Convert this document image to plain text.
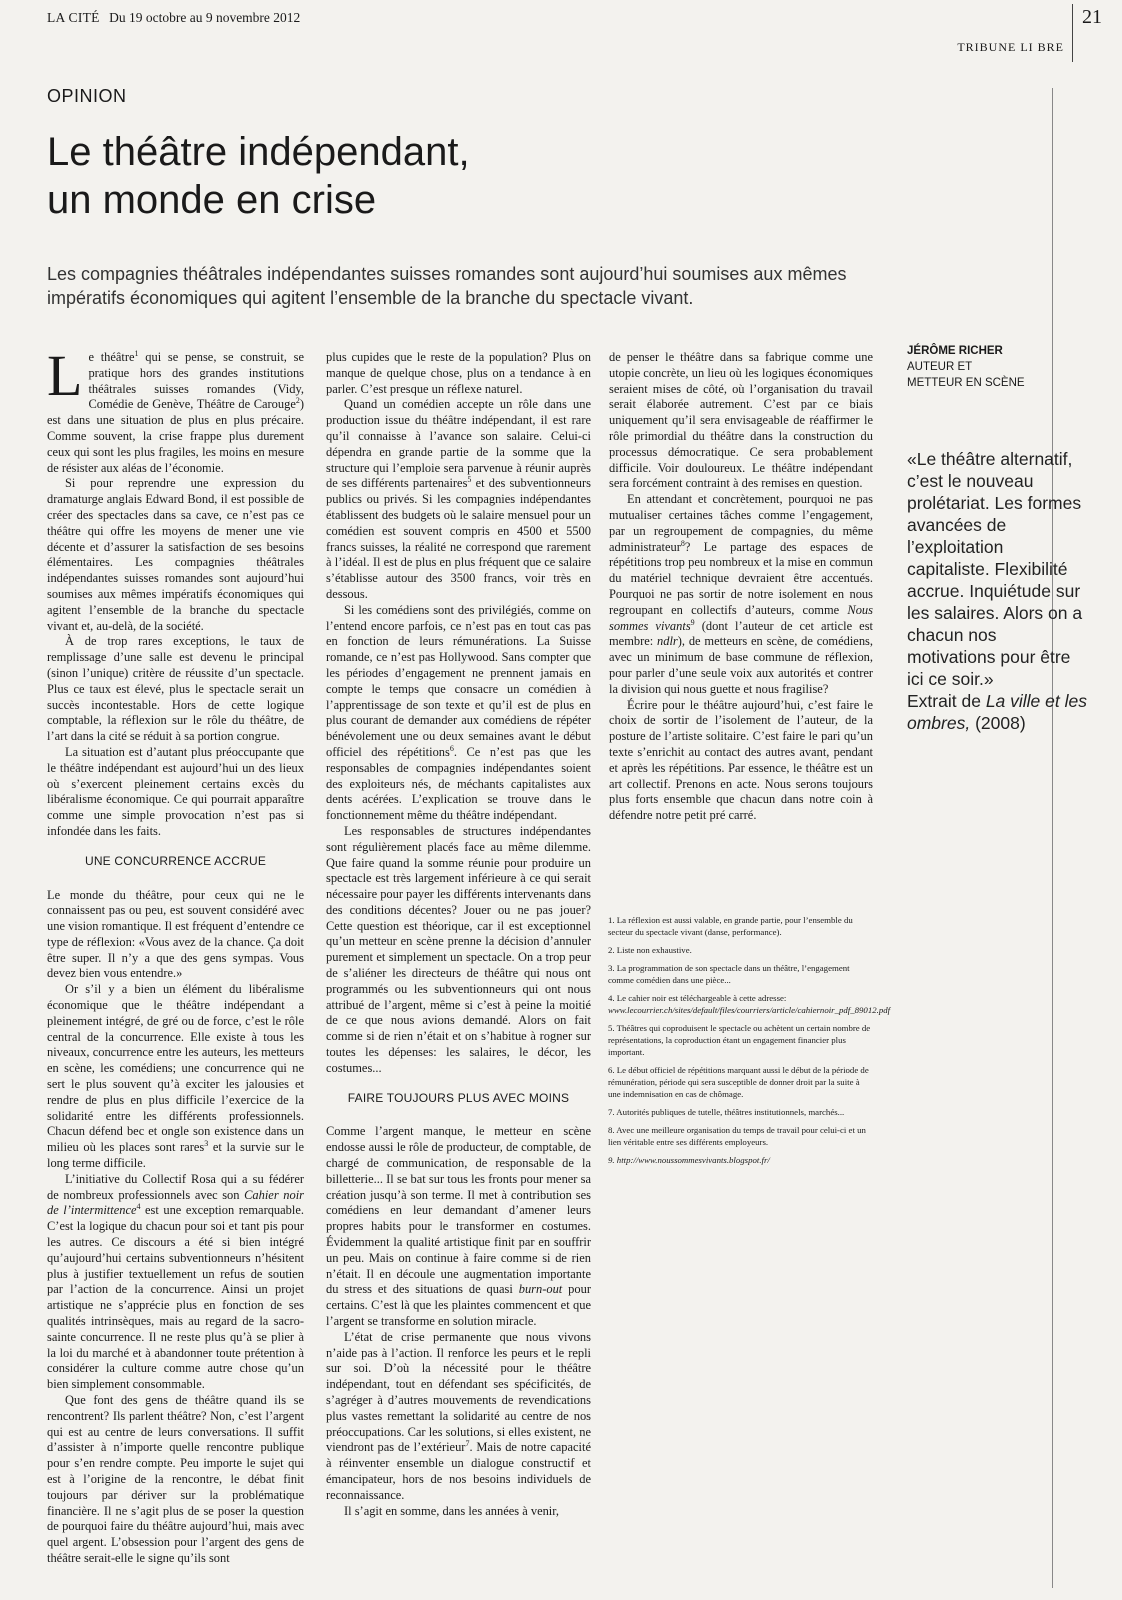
LA CITÉ Du 19 octobre au 9 novembre 2012	21
TRIBUNE LI BRE
OPINION
Le théâtre indépendant,
un monde en crise
Les compagnies théâtrales indépendantes suisses romandes sont aujourd’hui soumises aux mêmes impératifs économiques qui agitent l’ensemble de la branche du spectacle vivant.

Le théâtre$^1$ qui se pense, se construit, se pratique hors des grandes institutions théâtrales suisses romandes (Vidy, Comédie de Genève, Théâtre de Carouge$^2$) est dans une situation de plus en plus précaire. Comme souvent, la crise frappe plus durement ceux qui sont les plus fragiles, les moins en mesure de résister aux aléas de l’économie.

Si pour reprendre une expression du dramaturge anglais Edward Bond, il est possible de créer des spectacles dans sa cave, ce n’est pas ce théâtre qui offre les moyens de mener une vie décente et d’assurer la satisfaction de ses besoins élémentaires. Les compagnies théâtrales indépendantes suisses romandes sont aujourd’hui soumises aux mêmes impératifs économiques qui agitent l’ensemble de la branche du spectacle vivant et, au-delà, de la société.

À de trop rares exceptions, le taux de remplissage d’une salle est devenu le principal (sinon l’unique) critère de réussite d’un spectacle. Plus ce taux est élevé, plus le spectacle serait un succès incontestable. Hors de cette logique comptable, la réflexion sur le rôle du théâtre, de l’art dans la cité se réduit à sa portion congrue.

La situation est d’autant plus préoccupante que le théâtre indépendant est aujourd’hui un des lieux où s’exercent pleinement certains excès du libéralisme économique. Ce qui pourrait apparaître comme une simple provocation n’est pas si infondée dans les faits.

UNE CONCURRENCE ACCRUE

Le monde du théâtre, pour ceux qui ne le connaissent pas ou peu, est souvent considéré avec une vision romantique. Il est fréquent d’entendre ce type de réflexion: «Vous avez de la chance. Ça doit être super. Il n’y a que des gens sympas. Vous devez bien vous entendre.»

Or s’il y a bien un élément du libéralisme économique que le théâtre indépendant a pleinement intégré, de gré ou de force, c’est le rôle central de la concurrence. Elle existe à tous les niveaux, concurrence entre les auteurs, les metteurs en scène, les comédiens; une concurrence qui ne sert le plus souvent qu’à exciter les jalousies et rendre de plus en plus difficile l’exercice de la solidarité entre les différents professionnels. Chacun défend bec et ongle son existence dans un milieu où les places sont rares$^3$ et la survie sur le long terme difficile.

L’initiative du Collectif Rosa qui a su fédérer de nombreux professionnels avec son Cahier noir de l’intermittence$^4$ est une exception remarquable. C’est la logique du chacun pour soi et tant pis pour les autres. Ce discours a été si bien intégré qu’aujourd’hui certains subventionneurs n’hésitent plus à justifier textuellement un refus de soutien par l’action de la concurrence. Ainsi un projet artistique ne s’apprécie plus en fonction de ses qualités intrinsèques, mais au regard de la sacro-sainte concurrence. Il ne reste plus qu’à se plier à la loi du marché et à abandonner toute prétention à considérer la culture comme autre chose qu’un bien simplement consommable.

Que font des gens de théâtre quand ils se rencontrent? Ils parlent théâtre? Non, c’est l’argent qui est au centre de leurs conversations. Il suffit d’assister à n’importe quelle rencontre publique pour s’en rendre compte. Peu importe le sujet qui est à l’origine de la rencontre, le débat finit toujours par dériver sur la problématique financière. Il ne s’agit plus de se poser la question de pourquoi faire du théâtre aujourd’hui, mais avec quel argent. L’obsession pour l’argent des gens de théâtre serait-elle le signe qu’ils sont

plus cupides que le reste de la population? Plus on manque de quelque chose, plus on a tendance à en parler. C’est presque un réflexe naturel.

Quand un comédien accepte un rôle dans une production issue du théâtre indépendant, il est rare qu’il connaisse à l’avance son salaire. Celui-ci dépendra en grande partie de la somme que la structure qui l’emploie sera parvenue à réunir auprès de ses différents partenaires$^5$ et des subventionneurs publics ou privés. Si les compagnies indépendantes établissent des budgets où le salaire mensuel pour un comédien est souvent compris en 4500 et 5500 francs suisses, la réalité ne correspond que rarement à l’idéal. Il est de plus en plus fréquent que ce salaire s’établisse autour des 3500 francs, voir très en dessous.

Si les comédiens sont des privilégiés, comme on l’entend encore parfois, ce n’est pas en tout cas pas en fonction de leurs rémunérations. La Suisse romande, ce n’est pas Hollywood. Sans compter que les périodes d’engagement ne prennent jamais en compte le temps que consacre un comédien à l’apprentissage de son texte et qu’il est de plus en plus courant de demander aux comédiens de répéter bénévolement une ou deux semaines avant le début officiel des répétitions$^6$. Ce n’est pas que les responsables de compagnies indépendantes soient des exploiteurs nés, de méchants capitalistes aux dents acérées. L’explication se trouve dans le fonctionnement même du théâtre indépendant.

Les responsables de structures indépendantes sont régulièrement placés face au même dilemme. Que faire quand la somme réunie pour produire un spectacle est très largement inférieure à ce qui serait nécessaire pour payer les différents intervenants dans des conditions décentes? Jouer ou ne pas jouer? Cette question est théorique, car il est exceptionnel qu’un metteur en scène prenne la décision d’annuler purement et simplement un spectacle. On a trop peur de s’aliéner les directeurs de théâtre qui nous ont programmés ou les subventionneurs qui ont nous attribué de l’argent, même si c’est à peine la moitié de ce que nous avions demandé. Alors on fait comme si de rien n’était et on s’habitue à rogner sur toutes les dépenses: les salaires, le décor, les costumes...

FAIRE TOUJOURS PLUS AVEC MOINS

Comme l’argent manque, le metteur en scène endosse aussi le rôle de producteur, de comptable, de chargé de communication, de responsable de la billetterie... Il se bat sur tous les fronts pour mener sa création jusqu’à son terme. Il met à contribution ses comédiens en leur demandant d’amener leurs propres habits pour le transformer en costumes. Évidemment la qualité artistique finit par en souffrir un peu. Mais on continue à faire comme si de rien n’était. Il en découle une augmentation importante du stress et des situations de quasi burn-out pour certains. C’est là que les plaintes commencent et que l’argent se transforme en solution miracle.

L’état de crise permanente que nous vivons n’aide pas à l’action. Il renforce les peurs et le repli sur soi. D’où la nécessité pour le théâtre indépendant, tout en défendant ses spécificités, de s’agréger à d’autres mouvements de revendications plus vastes remettant la solidarité au centre de nos préoccupations. Car les solutions, si elles existent, ne viendront pas de l’extérieur$^7$. Mais de notre capacité à réinventer ensemble un dialogue constructif et émancipateur, hors de nos besoins individuels de reconnaissance.

Il s’agit en somme, dans les années à venir,

de penser le théâtre dans sa fabrique comme une utopie concrète, un lieu où les logiques économiques seraient mises de côté, où l’organisation du travail serait élaborée autrement. C’est par ce biais uniquement qu’il sera envisageable de réaffirmer le rôle primordial du théâtre dans la construction du processus démocratique. Ce sera probablement difficile. Voir douloureux. Le théâtre indépendant sera forcément contraint à des remises en question.

En attendant et concrètement, pourquoi ne pas mutualiser certaines tâches comme l’engagement, par un regroupement de compagnies, du même administrateur$^8$? Le partage des espaces de répétitions trop peu nombreux et la mise en commun du matériel technique devraient être accentués. Pourquoi ne pas sortir de notre isolement en nous regroupant en collectifs d’auteurs, comme Nous sommes vivants$^9$ (dont l’auteur de cet article est membre: ndlr), de metteurs en scène, de comédiens, avec un minimum de base commune de réflexion, pour parler d’une seule voix aux autorités et contrer la division qui nous guette et nous fragilise?

Écrire pour le théâtre aujourd’hui, c’est faire le choix de sortir de l’isolement de l’auteur, de la posture de l’artiste solitaire. C’est faire le pari qu’un texte s’enrichit au contact des autres avant, pendant et après les répétitions. Par essence, le théâtre est un art collectif. Prenons en acte. Nous serons toujours plus forts ensemble que chacun dans notre coin à défendre notre petit pré carré.

1. La réflexion est aussi valable, en grande partie, pour l’ensemble du secteur du spectacle vivant (danse, performance).
2. Liste non exhaustive.
3. La programmation de son spectacle dans un théâtre, l’engagement comme comédien dans une pièce...
4. Le cahier noir est téléchargeable à cette adresse:
www.lecourrier.ch/sites/default/files/courriers/article/cahiernoir_pdf_89012.pdf
5. Théâtres qui coproduisent le spectacle ou achètent un certain nombre de représentations, la coproduction étant un engagement financier plus important.
6. Le début officiel de répétitions marquant aussi le début de la période de rémunération, période qui sera susceptible de donner droit par la suite à une indemnisation en cas de chômage.
7. Autorités publiques de tutelle, théâtres institutionnels, marchés...
8. Avec une meilleure organisation du temps de travail pour celui-ci et un lien véritable entre ses différents employeurs.
9. http://www.noussommesvivants.blogspot.fr/
JÉRÔME RICHER
AUTEUR ET
METTEUR EN SCÈNE
«Le théâtre alternatif, c’est le nouveau prolétariat. Les formes avancées de l’exploitation capitaliste. Flexibilité accrue. Inquiétude sur les salaires. Alors on a chacun nos motivations pour être ici ce soir.»
Extrait de La ville et les ombres, (2008)
